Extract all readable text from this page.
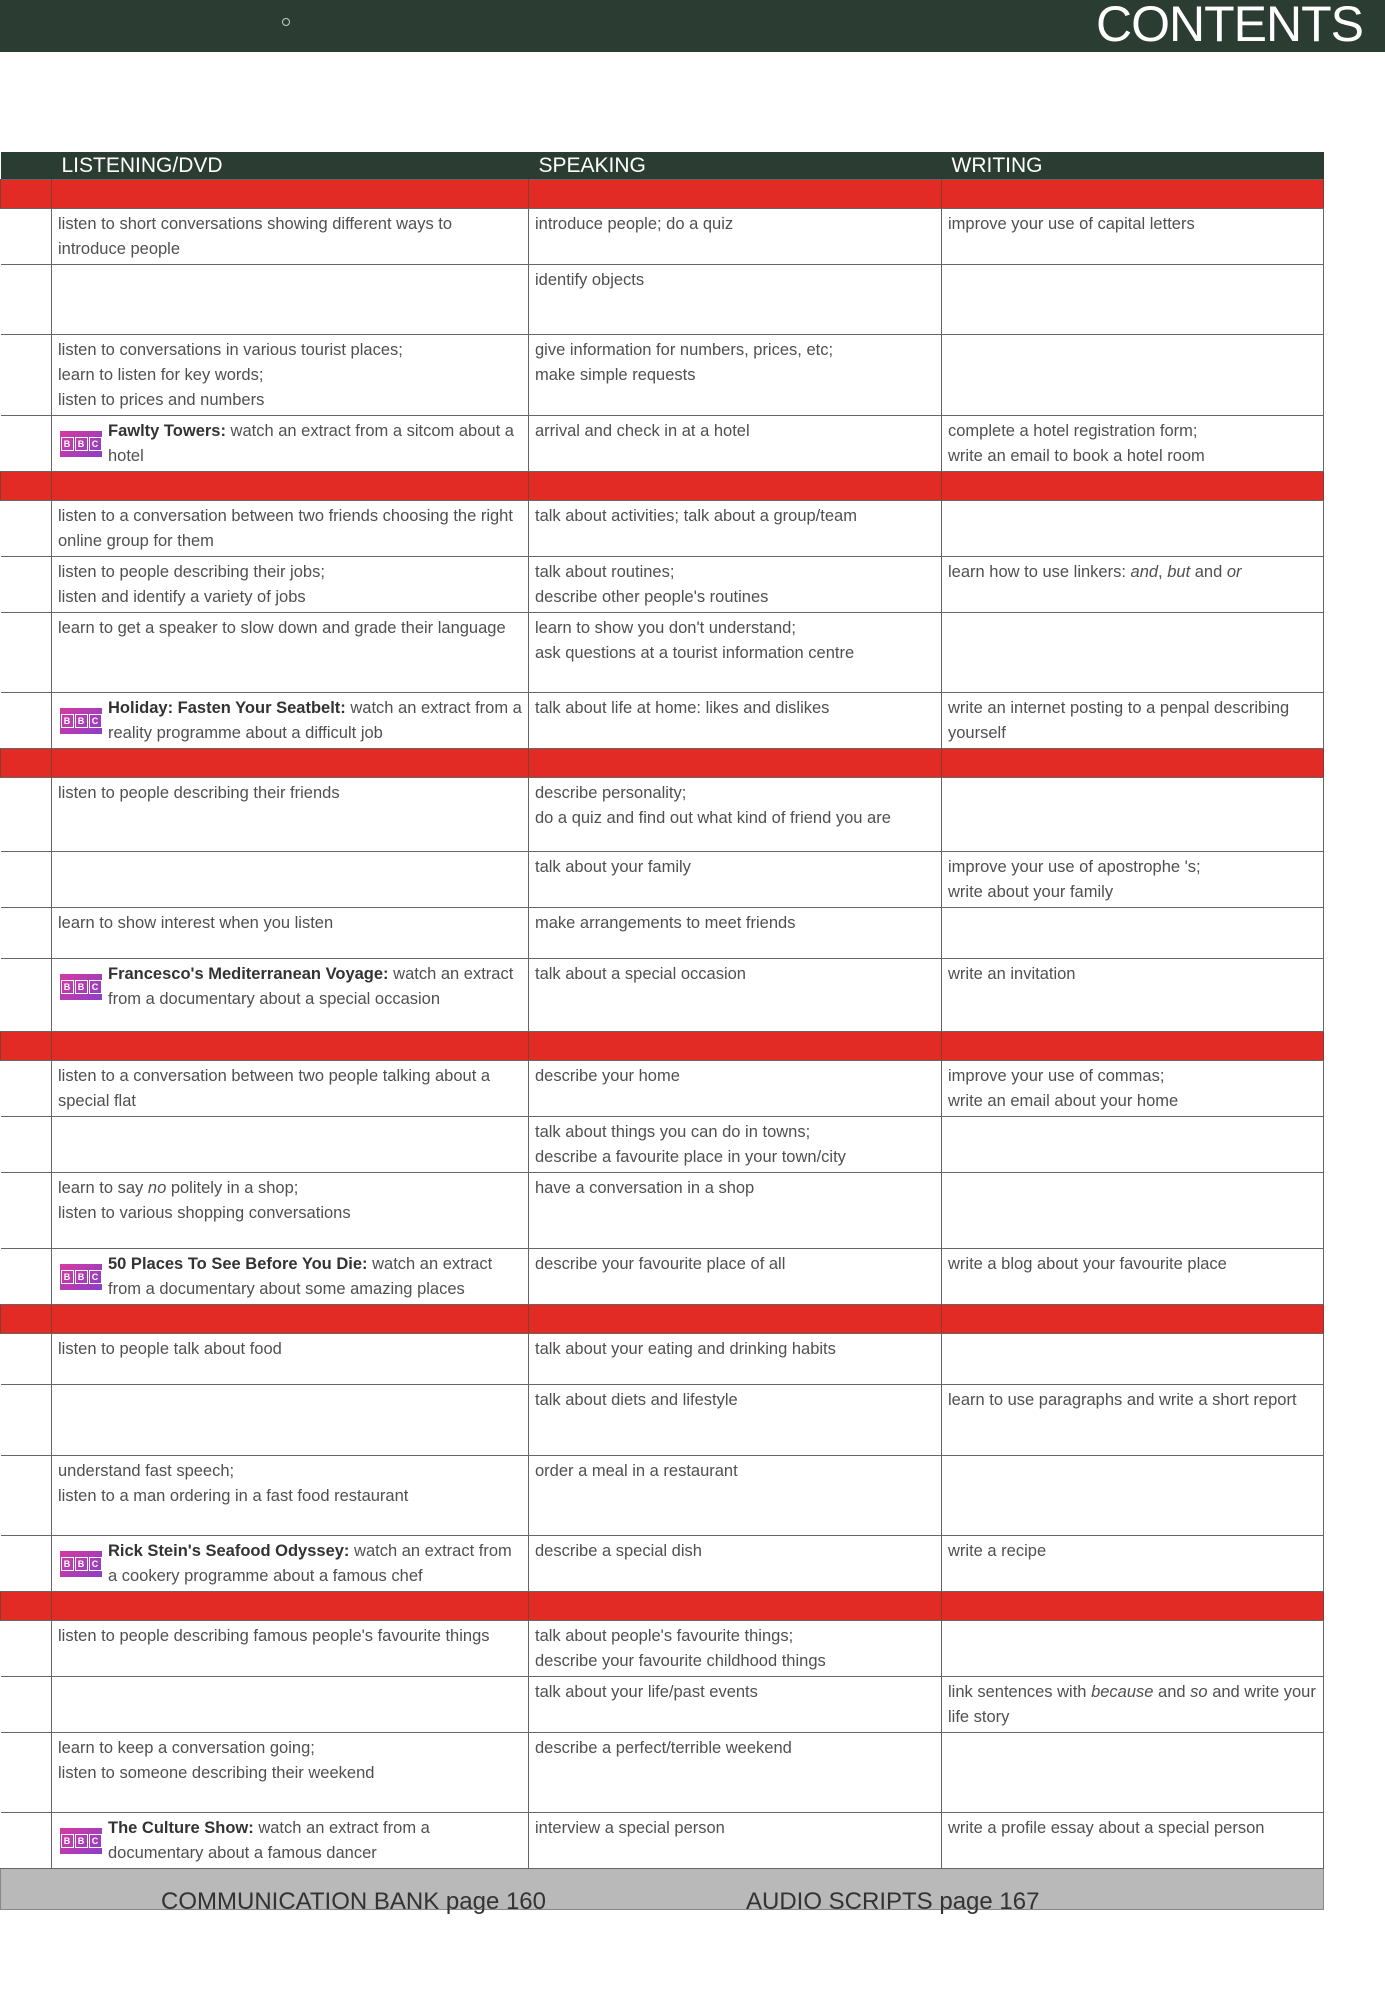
CONTENTS
	LISTENING/DVD	SPEAKING	WRITING

	listen to short conversations showing different ways to introduce people	introduce people; do a quiz	improve your use of capital letters

		identify objects	

	listen to conversations in various tourist places;
learn to listen for key words;
listen to prices and numbers	give information for numbers, prices, etc;
make simple requests	

	B B C
Fawlty Towers: watch an extract from a sitcom about a hotel	arrival and check in at a hotel	complete a hotel registration form;
write an email to book a hotel room

	listen to a conversation between two friends choosing the right online group for them	talk about activities; talk about a group/team	

	listen to people describing their jobs;
listen and identify a variety of jobs	talk about routines;
describe other people's routines	learn how to use linkers: and, but and or

	learn to get a speaker to slow down and grade their language	learn to show you don't understand;
ask questions at a tourist information centre	

	B B C
Holiday: Fasten Your Seatbelt: watch an extract from a reality programme about a difficult job	talk about life at home: likes and dislikes	write an internet posting to a penpal describing yourself

	listen to people describing their friends	describe personality;
do a quiz and find out what kind of friend you are	

		talk about your family	improve your use of apostrophe 's;
write about your family

	learn to show interest when you listen	make arrangements to meet friends	

	B B C
Francesco's Mediterranean Voyage: watch an extract from a documentary about a special occasion	talk about a special occasion	write an invitation

	listen to a conversation between two people talking about a special flat	describe your home	improve your use of commas;
write an email about your home

		talk about things you can do in towns;
describe a favourite place in your town/city	

	learn to say no politely in a shop;
listen to various shopping conversations	have a conversation in a shop	

	B B C
50 Places To See Before You Die: watch an extract from a documentary about some amazing places	describe your favourite place of all	write a blog about your favourite place

	listen to people talk about food	talk about your eating and drinking habits	

		talk about diets and lifestyle	learn to use paragraphs and write a short report

	understand fast speech;
listen to a man ordering in a fast food restaurant	order a meal in a restaurant	

	B B C
Rick Stein's Seafood Odyssey: watch an extract from a cookery programme about a famous chef	describe a special dish	write a recipe

	listen to people describing famous people's favourite things	talk about people's favourite things;
describe your favourite childhood things	

		talk about your life/past events	link sentences with because and so and write your life story

	learn to keep a conversation going;
listen to someone describing their weekend	describe a perfect/terrible weekend	

	B B C
The Culture Show: watch an extract from a documentary about a famous dancer	interview a special person	write a profile essay about a special person

COMMUNICATION BANK page 160 AUDIO SCRIPTS page 167			
